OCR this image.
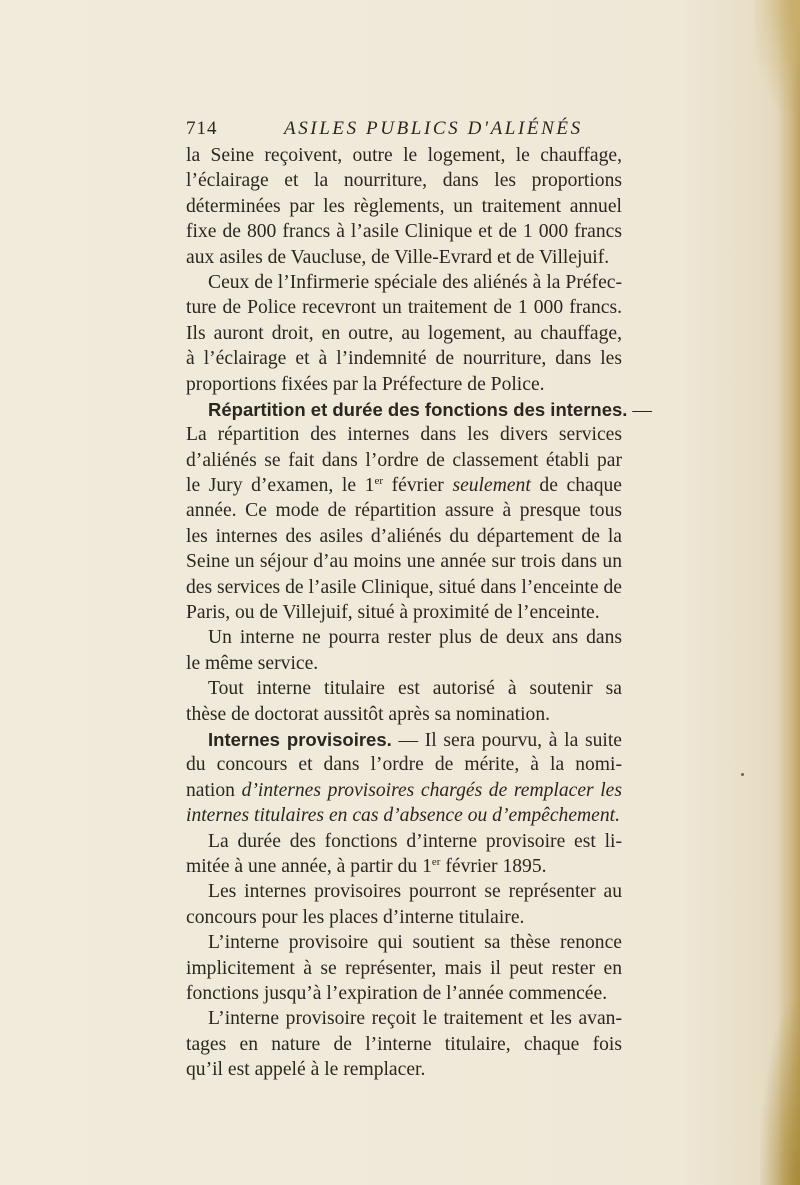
714	ASILES PUBLICS D'ALIÉNÉS
la Seine reçoivent, outre le logement, le chauffage,
l’éclairage et la nourriture, dans les proportions
déterminées par les règlements, un traitement annuel
fixe de 800 francs à l’asile Clinique et de 1 000 francs
aux asiles de Vaucluse, de Ville-Evrard et de Villejuif.
Ceux de l’Infirmerie spéciale des aliénés à la Préfec-
ture de Police recevront un traitement de 1 000 francs.
Ils auront droit, en outre, au logement, au chauffage,
à l’éclairage et à l’indemnité de nourriture, dans les
proportions fixées par la Préfecture de Police.
Répartition et durée des fonctions des internes. —
La répartition des internes dans les divers services
d’aliénés se fait dans l’ordre de classement établi par
le Jury d’examen, le 1er février seulement de chaque
année. Ce mode de répartition assure à presque tous
les internes des asiles d’aliénés du département de la
Seine un séjour d’au moins une année sur trois dans un
des services de l’asile Clinique, situé dans l’enceinte de
Paris, ou de Villejuif, situé à proximité de l’enceinte.
Un interne ne pourra rester plus de deux ans dans
le même service.
Tout interne titulaire est autorisé à soutenir sa
thèse de doctorat aussitôt après sa nomination.
Internes provisoires. — Il sera pourvu, à la suite
du concours et dans l’ordre de mérite, à la nomi-
nation d’internes provisoires chargés de remplacer les
internes titulaires en cas d’absence ou d’empêchement.
La durée des fonctions d’interne provisoire est li-
mitée à une année, à partir du 1er février 1895.
Les internes provisoires pourront se représenter au
concours pour les places d’interne titulaire.
L’interne provisoire qui soutient sa thèse renonce
implicitement à se représenter, mais il peut rester en
fonctions jusqu’à l’expiration de l’année commencée.
L’interne provisoire reçoit le traitement et les avan-
tages en nature de l’interne titulaire, chaque fois
qu’il est appelé à le remplacer.
